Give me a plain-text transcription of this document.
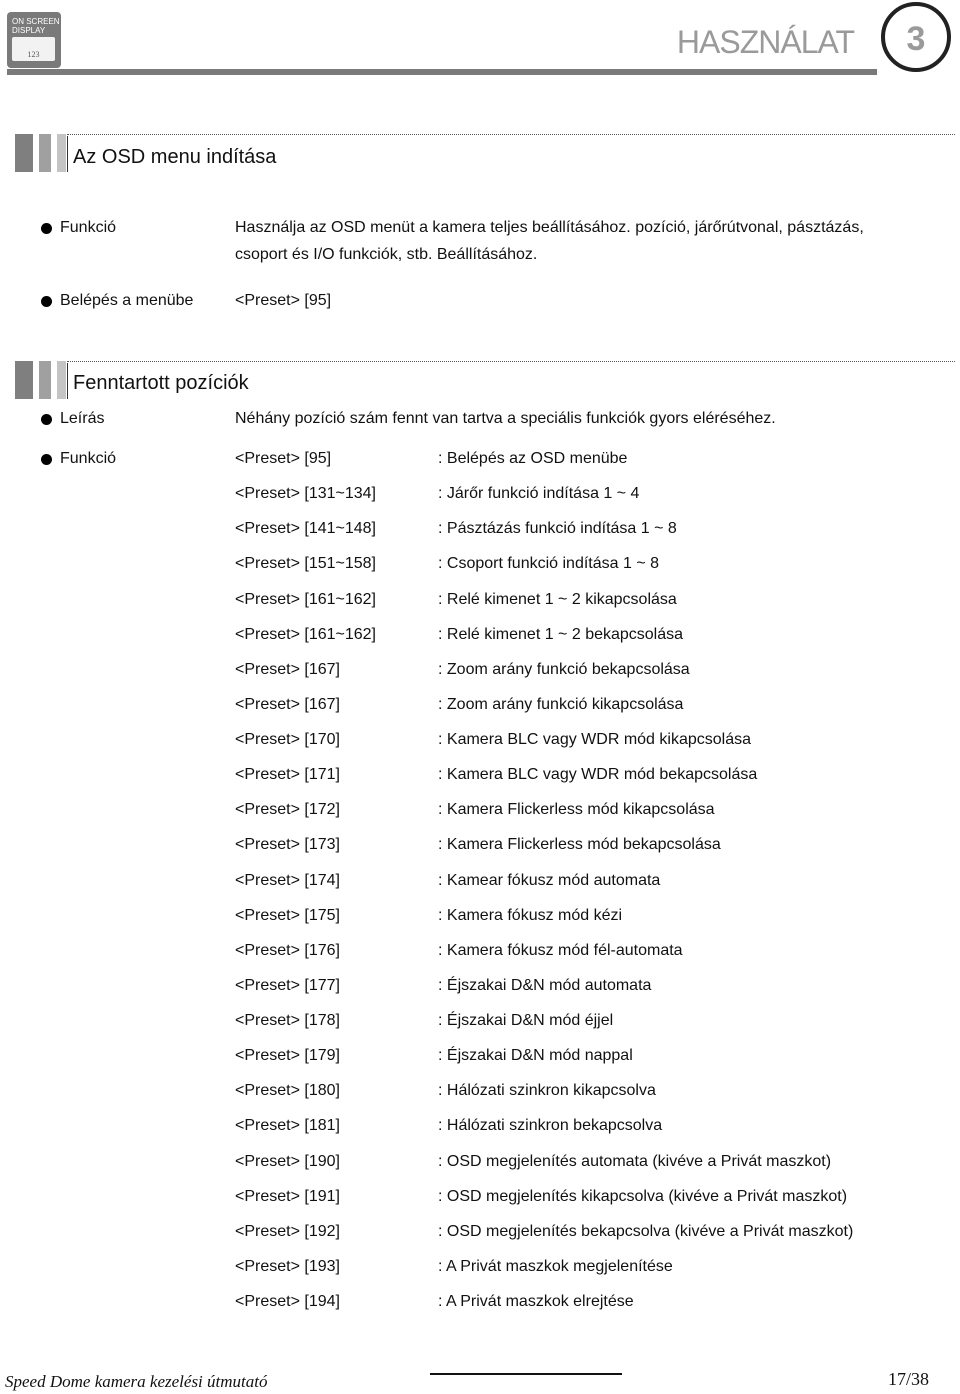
ON SCREEN
DISPLAY
123	HASZNÁLAT	3
Az OSD menu indítása
Funkció	Használja az OSD menüt a kamera teljes beállításához. pozíció, járőrútvonal, pásztázás,
csoport és I/O funkciók, stb. Beállításához.
Belépés a menübe	<Preset> [95]
Fenntartott pozíciók
Leírás	Néhány pozíció szám fennt van tartva a speciális funkciók gyors eléréséhez.
Funkció	<Preset> [95]	: Belépés az OSD menübe
<Preset> [131~134]	: Járőr funkció indítása 1 ~ 4
<Preset> [141~148]	: Pásztázás funkció indítása 1 ~ 8
<Preset> [151~158]	: Csoport funkció indítása 1 ~ 8
<Preset> [161~162]	: Relé kimenet 1 ~ 2 kikapcsolása
<Preset> [161~162]	: Relé kimenet 1 ~ 2 bekapcsolása
<Preset> [167]	: Zoom arány funkció bekapcsolása
<Preset> [167]	: Zoom arány funkció kikapcsolása
<Preset> [170]	: Kamera BLC vagy WDR mód kikapcsolása
<Preset> [171]	: Kamera BLC vagy WDR mód bekapcsolása
<Preset> [172]	: Kamera Flickerless mód kikapcsolása
<Preset> [173]	: Kamera Flickerless mód bekapcsolása
<Preset> [174]	: Kamear fókusz mód automata
<Preset> [175]	: Kamera fókusz mód kézi
<Preset> [176]	: Kamera fókusz mód fél-automata
<Preset> [177]	: Éjszakai D&N mód automata
<Preset> [178]	: Éjszakai D&N mód éjjel
<Preset> [179]	: Éjszakai D&N mód nappal
<Preset> [180]	: Hálózati szinkron kikapcsolva
<Preset> [181]	: Hálózati szinkron bekapcsolva
<Preset> [190]	: OSD megjelenítés automata (kivéve a Privát maszkot)
<Preset> [191]	: OSD megjelenítés kikapcsolva (kivéve a Privát maszkot)
<Preset> [192]	: OSD megjelenítés bekapcsolva (kivéve a Privát maszkot)
<Preset> [193]	: A Privát maszkok megjelenítése
<Preset> [194]	: A Privát maszkok elrejtése
Speed Dome kamera kezelési útmutató	17/38
